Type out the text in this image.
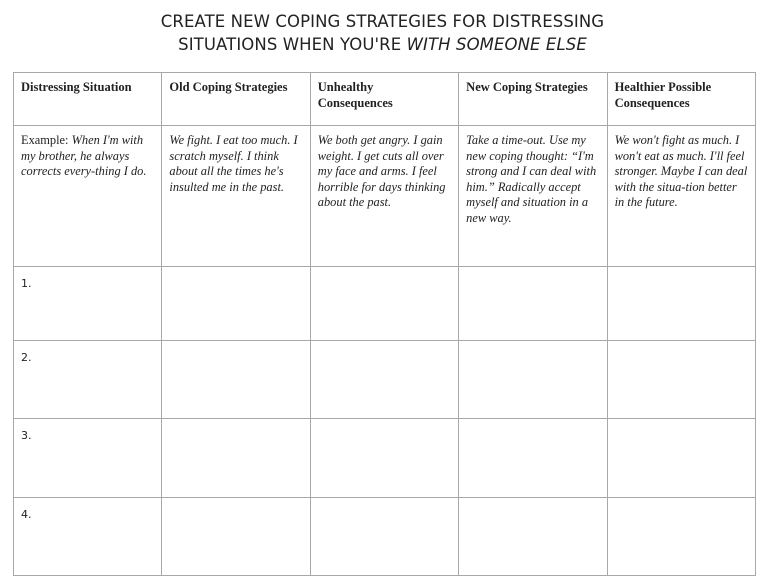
CREATE NEW COPING STRATEGIES FOR DISTRESSING
SITUATIONS WHEN YOU'RE WITH SOMEONE ELSE
Distressing Situation	Old Coping Strategies	Unhealthy Consequences	New Coping Strategies	Healthier Possible Consequences
Example: When I'm with my brother, he always corrects every-thing I do.	We fight. I eat too much. I scratch myself. I think about all the times he's insulted me in the past.	We both get angry. I gain weight. I get cuts all over my face and arms. I feel horrible for days thinking about the past.	Take a time-out. Use my new coping thought: “I'm strong and I can deal with him.” Radically accept myself and situation in a new way.	We won't fight as much. I won't eat as much. I'll feel stronger. Maybe I can deal with the situa-tion better in the future.
1.				
2.				
3.				
4.				
